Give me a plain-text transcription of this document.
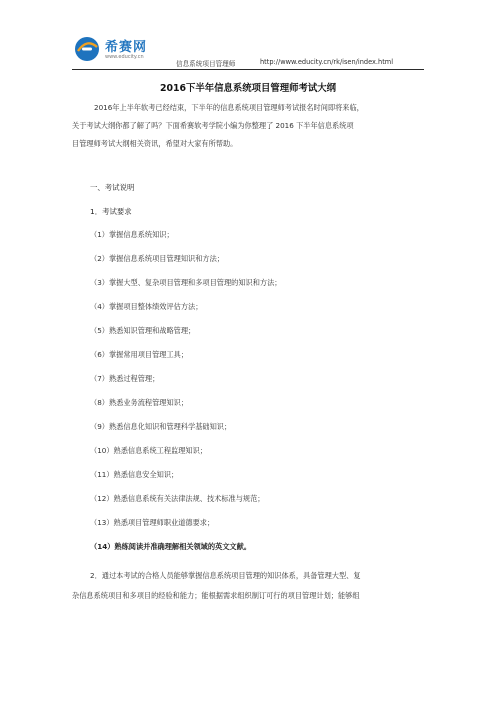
希赛网
www.educity.cn
信息系统项目管理师	http://www.educity.cn/rk/isen/index.html
2016下半年信息系统项目管理师考试大纲
2016年上半年软考已经结束，下半年的信息系统项目管理师考试报名时间即将来临，
关于考试大纲你都了解了吗？下面希赛软考学院小编为你整理了 2016 下半年信息系统项
目管理师考试大纲相关资讯，希望对大家有所帮助。
一、考试说明
1．考试要求
（1）掌握信息系统知识；
（2）掌握信息系统项目管理知识和方法；
（3）掌握大型、复杂项目管理和多项目管理的知识和方法；
（4）掌握项目整体绩效评估方法；
（5）熟悉知识管理和战略管理；
（6）掌握常用项目管理工具；
（7）熟悉过程管理；
（8）熟悉业务流程管理知识；
（9）熟悉信息化知识和管理科学基础知识；
（10）熟悉信息系统工程监理知识；
（11）熟悉信息安全知识；
（12）熟悉信息系统有关法律法规、技术标准与规范；
（13）熟悉项目管理师职业道德要求；
（14）熟练阅读并准确理解相关领域的英文文献。
2．通过本考试的合格人员能够掌握信息系统项目管理的知识体系，具备管理大型、复
杂信息系统项目和多项目的经验和能力；能根据需求组织制订可行的项目管理计划；能够组
